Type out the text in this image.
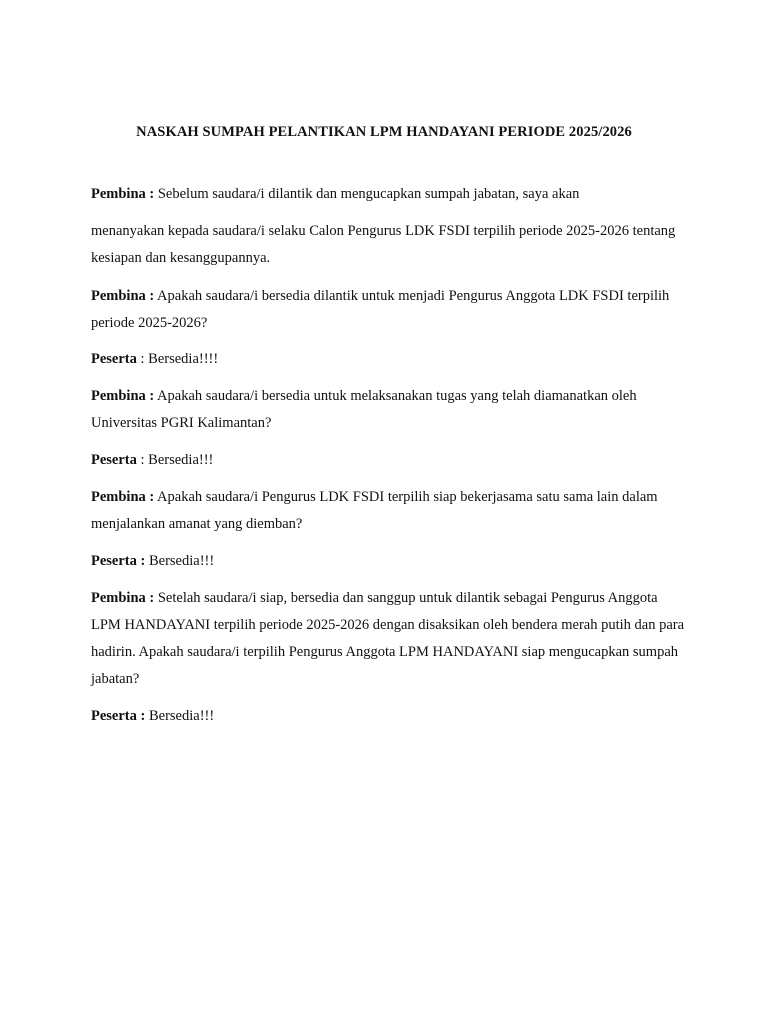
NASKAH SUMPAH PELANTIKAN LPM HANDAYANI PERIODE 2025/2026

Pembina : Sebelum saudara/i dilantik dan mengucapkan sumpah jabatan, saya akan

menanyakan kepada saudara/i selaku Calon Pengurus LDK FSDI terpilih periode 2025-2026 tentang kesiapan dan kesanggupannya.

Pembina : Apakah saudara/i bersedia dilantik untuk menjadi Pengurus Anggota LDK FSDI terpilih periode 2025-2026?

Peserta : Bersedia!!!!

Pembina : Apakah saudara/i bersedia untuk melaksanakan tugas yang telah diamanatkan oleh Universitas PGRI Kalimantan?

Peserta : Bersedia!!!

Pembina : Apakah saudara/i Pengurus LDK FSDI terpilih siap bekerjasama satu sama lain dalam menjalankan amanat yang diemban?

Peserta : Bersedia!!!

Pembina : Setelah saudara/i siap, bersedia dan sanggup untuk dilantik sebagai Pengurus Anggota LPM HANDAYANI terpilih periode 2025-2026 dengan disaksikan oleh bendera merah putih dan para hadirin. Apakah saudara/i terpilih Pengurus Anggota LPM HANDAYANI siap mengucapkan sumpah jabatan?

Peserta : Bersedia!!!
